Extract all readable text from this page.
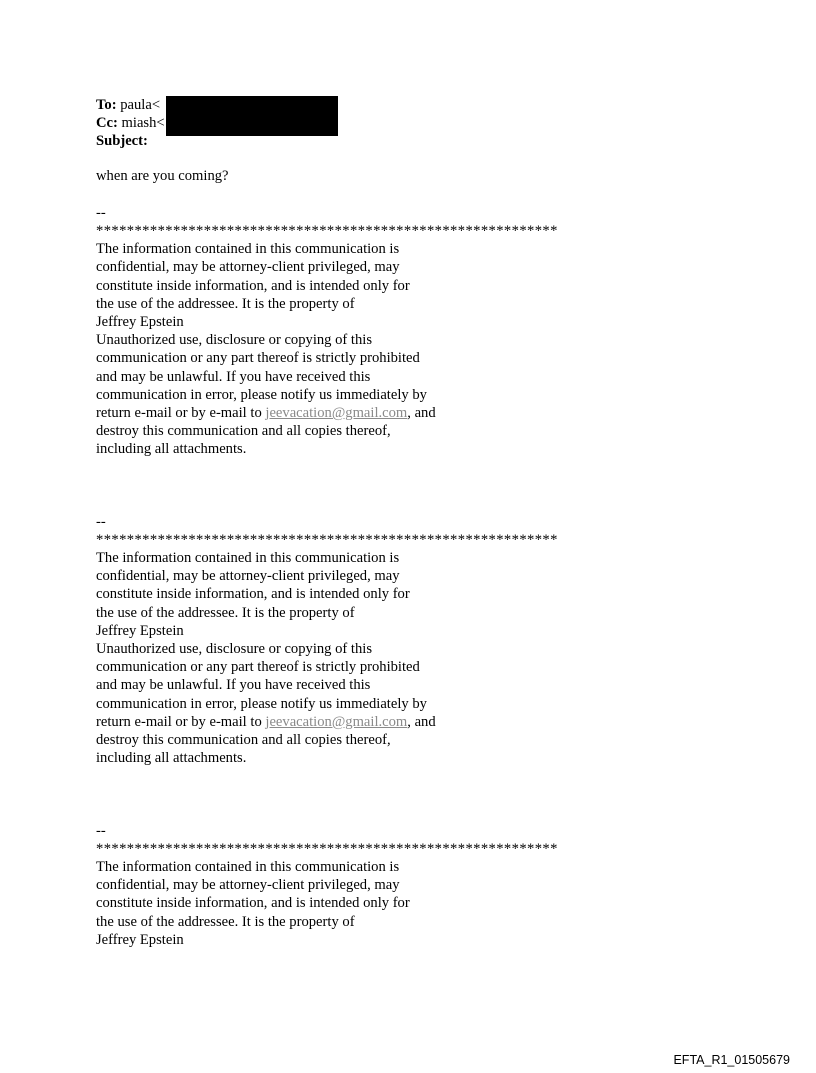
To: paula<
Cc: miash<
Subject:
when are you coming?
--
************************************************************
The information contained in this communication is
confidential, may be attorney-client privileged, may
constitute inside information, and is intended only for
the use of the addressee. It is the property of
Jeffrey Epstein
Unauthorized use, disclosure or copying of this
communication or any part thereof is strictly prohibited
and may be unlawful. If you have received this
communication in error, please notify us immediately by
return e-mail or by e-mail to jeevacation@gmail.com, and
destroy this communication and all copies thereof,
including all attachments.
--
************************************************************
The information contained in this communication is
confidential, may be attorney-client privileged, may
constitute inside information, and is intended only for
the use of the addressee. It is the property of
Jeffrey Epstein
Unauthorized use, disclosure or copying of this
communication or any part thereof is strictly prohibited
and may be unlawful. If you have received this
communication in error, please notify us immediately by
return e-mail or by e-mail to jeevacation@gmail.com, and
destroy this communication and all copies thereof,
including all attachments.
--
************************************************************
The information contained in this communication is
confidential, may be attorney-client privileged, may
constitute inside information, and is intended only for
the use of the addressee. It is the property of
Jeffrey Epstein
EFTA_R1_01505679
